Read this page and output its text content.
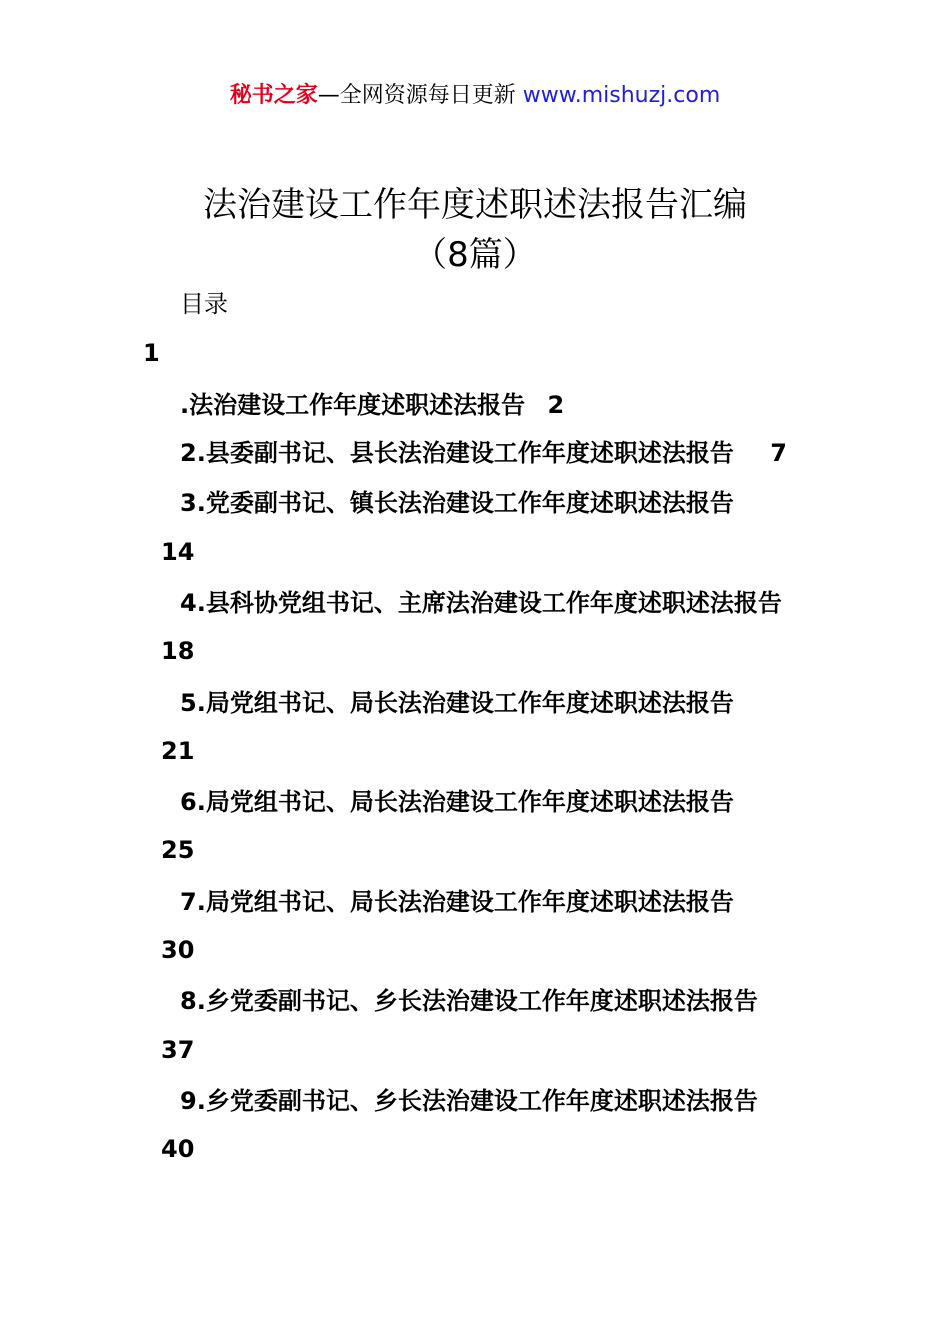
秘书之家—全网资源每日更新 www.mishuzj.com
法治建设工作年度述职述法报告汇编
（8篇）
目录
1
.法治建设工作年度述职述法报告 2
2.县委副书记、县长法治建设工作年度述职述法报告 7
3.党委副书记、镇长法治建设工作年度述职述法报告
14
4.县科协党组书记、主席法治建设工作年度述职述法报告
18
5.局党组书记、局长法治建设工作年度述职述法报告
21
6.局党组书记、局长法治建设工作年度述职述法报告
25
7.局党组书记、局长法治建设工作年度述职述法报告
30
8.乡党委副书记、乡长法治建设工作年度述职述法报告
37
9.乡党委副书记、乡长法治建设工作年度述职述法报告
40
